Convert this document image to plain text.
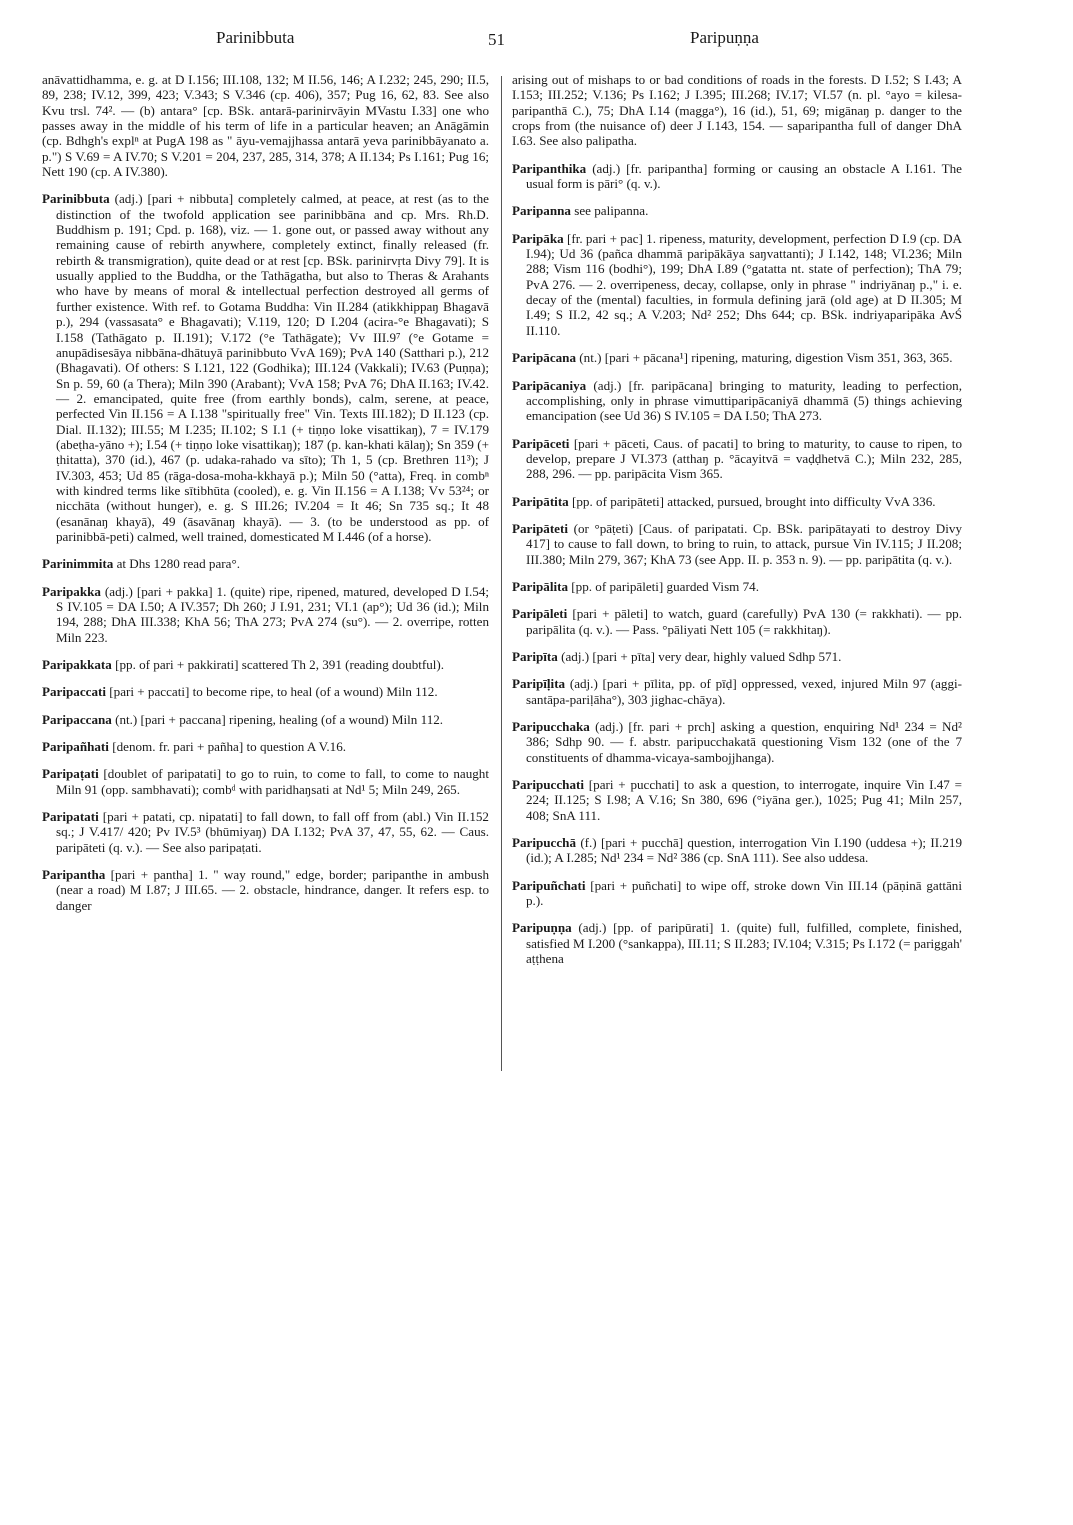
Parinibbuta	51	Paripuṇṇa

anāvattidhamma, e. g. at D I.156; III.108, 132; M II.56, 146; A I.232; 245, 290; II.5, 89, 238; IV.12, 399, 423; V.343; S V.346 (cp. 406), 357; Pug 16, 62, 83. See also Kvu trsl. 74². — (b) antara° [cp. BSk. antarā-parinirvāyin MVastu I.33] one who passes away in the middle of his term of life in a particular heaven; an Anāgāmin (cp. Bdhgh's explⁿ at PugA 198 as " āyu-vemajjhassa antarā yeva parinibbāyanato a. p.") S V.69 = A IV.70; S V.201 = 204, 237, 285, 314, 378; A II.134; Ps I.161; Pug 16; Nett 190 (cp. A IV.380).

Parinibbuta (adj.) [pari + nibbuta] completely calmed, at peace, at rest (as to the distinction of the twofold application see parinibbāna and cp. Mrs. Rh.D. Buddhism p. 191; Cpd. p. 168), viz. — 1. gone out, or passed away without any remaining cause of rebirth anywhere, completely extinct, finally released (fr. rebirth & transmigration), quite dead or at rest [cp. BSk. parinirvṛta Divy 79]. It is usually applied to the Buddha, or the Tathāgatha, but also to Theras & Arahants who have by means of moral & intellectual perfection destroyed all germs of further existence. With ref. to Gotama Buddha: Vin II.284 (atikkhippaŋ Bhagavā p.), 294 (vassasata° e Bhagavati); V.119, 120; D I.204 (acira-°e Bhagavati); S I.158 (Tathāgato p. II.191); V.172 (°e Tathāgate); Vv III.9⁷ (°e Gotame = anupādisesāya nibbāna-dhātuyā parinibbuto VvA 169); PvA 140 (Satthari p.), 212 (Bhagavati). Of others: S I.121, 122 (Godhika); III.124 (Vakkali); IV.63 (Puṇṇa); Sn p. 59, 60 (a Thera); Miln 390 (Arabant); VvA 158; PvA 76; DhA II.163; IV.42. — 2. emancipated, quite free (from earthly bonds), calm, serene, at peace, perfected Vin II.156 = A I.138 "spiritually free" Vin. Texts III.182); D II.123 (cp. Dial. II.132); III.55; M I.235; II.102; S I.1 (+ tiṇṇo loke visattikaŋ), 7 = IV.179 (abeṭha-yāno +); I.54 (+ tiṇṇo loke visattikaŋ); 187 (p. kan-khati kālaŋ); Sn 359 (+ ṭhitatta), 370 (id.), 467 (p. udaka-rahado va sīto); Th 1, 5 (cp. Brethren 11³); J IV.303, 453; Ud 85 (rāga-dosa-moha-kkhayā p.); Miln 50 (°atta), Freq. in combⁿ with kindred terms like sītibhūta (cooled), e. g. Vin II.156 = A I.138; Vv 53²⁴; or nicchāta (without hunger), e. g. S III.26; IV.204 = It 46; Sn 735 sq.; It 48 (esanānaŋ khayā), 49 (āsavānaŋ khayā). — 3. (to be understood as pp. of parinibbā-peti) calmed, well trained, domesticated M I.446 (of a horse).

Parinimmita at Dhs 1280 read para°.

Paripakka (adj.) [pari + pakka] 1. (quite) ripe, ripened, matured, developed D I.54; S IV.105 = DA I.50; A IV.357; Dh 260; J I.91, 231; VI.1 (ap°); Ud 36 (id.); Miln 194, 288; DhA III.338; KhA 56; ThA 273; PvA 274 (su°). — 2. overripe, rotten Miln 223.

Paripakkata [pp. of pari + pakkirati] scattered Th 2, 391 (reading doubtful).

Paripaccati [pari + paccati] to become ripe, to heal (of a wound) Miln 112.

Paripaccana (nt.) [pari + paccana] ripening, healing (of a wound) Miln 112.

Paripañhati [denom. fr. pari + pañha] to question A V.16.

Paripaṭati [doublet of paripatati] to go to ruin, to come to fall, to come to naught Miln 91 (opp. sambhavati); combᵈ with paridhaŋsati at Nd¹ 5; Miln 249, 265.

Paripatati [pari + patati, cp. nipatati] to fall down, to fall off from (abl.) Vin II.152 sq.; J V.417/ 420; Pv IV.5³ (bhūmiyaŋ) DA I.132; PvA 37, 47, 55, 62. — Caus. paripāteti (q. v.). — See also paripaṭati.

Paripantha [pari + pantha] 1. " way round," edge, border; paripanthe in ambush (near a road) M I.87; J III.65. — 2. obstacle, hindrance, danger. It refers esp. to danger

arising out of mishaps to or bad conditions of roads in the forests. D I.52; S I.43; A I.153; III.252; V.136; Ps I.162; J I.395; III.268; IV.17; VI.57 (n. pl. °ayo = kilesa-paripanthā C.), 75; DhA I.14 (magga°), 16 (id.), 51, 69; migānaŋ p. danger to the crops from (the nuisance of) deer J I.143, 154. — saparipantha full of danger DhA I.63. See also palipatha.

Paripanthika (adj.) [fr. paripantha] forming or causing an obstacle A I.161. The usual form is pāri° (q. v.).

Paripanna see palipanna.

Paripāka [fr. pari + pac] 1. ripeness, maturity, development, perfection D I.9 (cp. DA I.94); Ud 36 (pañca dhammā paripākāya saŋvattanti); J I.142, 148; VI.236; Miln 288; Vism 116 (bodhi°), 199; DhA I.89 (°gatatta nt. state of perfection); ThA 79; PvA 276. — 2. overripeness, decay, collapse, only in phrase " indriyānaŋ p.," i. e. decay of the (mental) faculties, in formula defining jarā (old age) at D II.305; M I.49; S II.2, 42 sq.; A V.203; Nd² 252; Dhs 644; cp. BSk. indriyaparipāka AvŚ II.110.

Paripācana (nt.) [pari + pācana¹] ripening, maturing, digestion Vism 351, 363, 365.

Paripācaniya (adj.) [fr. paripācana] bringing to maturity, leading to perfection, accomplishing, only in phrase vimuttiparipācaniyā dhammā (5) things achieving emancipation (see Ud 36) S IV.105 = DA I.50; ThA 273.

Paripāceti [pari + pāceti, Caus. of pacati] to bring to maturity, to cause to ripen, to develop, prepare J VI.373 (atthaŋ p. °ācayitvā = vaḍḍhetvā C.); Miln 232, 285, 288, 296. — pp. paripācita Vism 365.

Paripātita [pp. of paripāteti] attacked, pursued, brought into difficulty VvA 336.

Paripāteti (or °pāṭeti) [Caus. of paripatati. Cp. BSk. paripātayati to destroy Divy 417] to cause to fall down, to bring to ruin, to attack, pursue Vin IV.115; J II.208; III.380; Miln 279, 367; KhA 73 (see App. II. p. 353 n. 9). — pp. paripātita (q. v.).

Paripālita [pp. of paripāleti] guarded Vism 74.

Paripāleti [pari + pāleti] to watch, guard (carefully) PvA 130 (= rakkhati). — pp. paripālita (q. v.). — Pass. °pāliyati Nett 105 (= rakkhitaŋ).

Paripīta (adj.) [pari + pīta] very dear, highly valued Sdhp 571.

Paripīḷita (adj.) [pari + pīlita, pp. of pīḍ] oppressed, vexed, injured Miln 97 (aggi-santāpa-pariḷāha°), 303 jighac-chāya).

Paripucchaka (adj.) [fr. pari + prch] asking a question, enquiring Nd¹ 234 = Nd² 386; Sdhp 90. — f. abstr. paripucchakatā questioning Vism 132 (one of the 7 constituents of dhamma-vicaya-sambojjhanga).

Paripucchati [pari + pucchati] to ask a question, to interrogate, inquire Vin I.47 = 224; II.125; S I.98; A V.16; Sn 380, 696 (°iyāna ger.), 1025; Pug 41; Miln 257, 408; SnA 111.

Paripucchā (f.) [pari + pucchā] question, interrogation Vin I.190 (uddesa +); II.219 (id.); A I.285; Nd¹ 234 = Nd² 386 (cp. SnA 111). See also uddesa.

Paripuñchati [pari + puñchati] to wipe off, stroke down Vin III.14 (pāṇinā gattāni p.).

Paripuṇṇa (adj.) [pp. of paripūrati] 1. (quite) full, fulfilled, complete, finished, satisfied M I.200 (°sankappa), III.11; S II.283; IV.104; V.315; Ps I.172 (= pariggah' aṭṭhena
